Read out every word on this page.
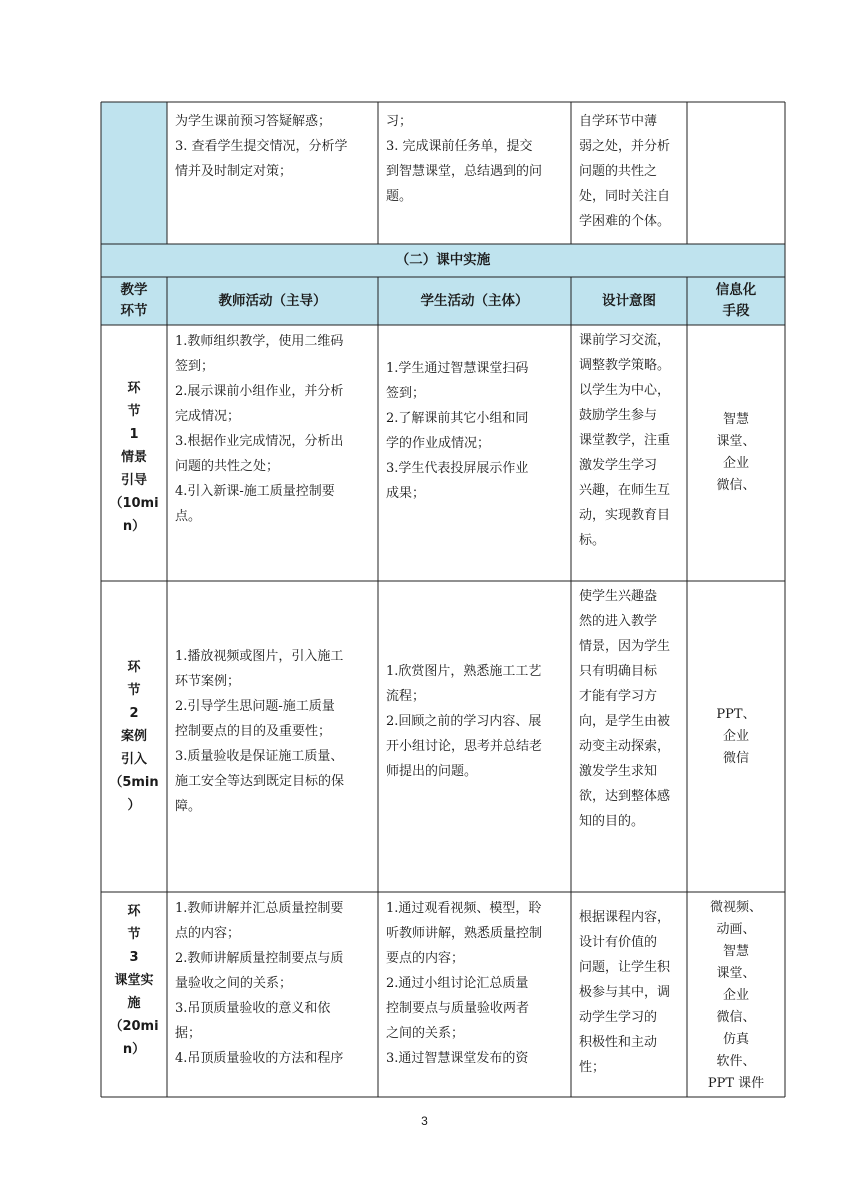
为学生课前预习答疑解惑；
3. 查看学生提交情况，分析学
情并及时制定对策；
习；
3. 完成课前任务单，提交
到智慧课堂，总结遇到的问
题。
自学环节中薄
弱之处，并分析
问题的共性之
处，同时关注自
学困难的个体。
（二）课中实施
教学
环节
教师活动（主导）	学生活动（主体）	设计意图
信息化
手段
环
节
1
情景
引导
（10mi
n）
1.教师组织教学，使用二维码
签到；
2.展示课前小组作业，并分析
完成情况；
3.根据作业完成情况，分析出
问题的共性之处；
4.引入新课-施工质量控制要
点。
1.学生通过智慧课堂扫码
签到；
2.了解课前其它小组和同
学的作业成情况；
3.学生代表投屏展示作业
成果；
课前学习交流，
调整教学策略。
以学生为中心，
鼓励学生参与
课堂教学，注重
激发学生学习
兴趣，在师生互
动，实现教育目
标。
智慧
课堂、
企业
微信、
环
节
2
案例
引入
（5min
）
1.播放视频或图片，引入施工
环节案例；
2.引导学生思问题-施工质量
控制要点的目的及重要性；
3.质量验收是保证施工质量、
施工安全等达到既定目标的保
障。
1.欣赏图片，熟悉施工工艺
流程；
2.回顾之前的学习内容、展
开小组讨论，思考并总结老
师提出的问题。
使学生兴趣盎
然的进入教学
情景，因为学生
只有明确目标
才能有学习方
向，是学生由被
动变主动探索，
激发学生求知
欲，达到整体感
知的目的。
PPT、
企业
微信
环
节
3
课堂实
施
（20mi
n）
1.教师讲解并汇总质量控制要
点的内容；
2.教师讲解质量控制要点与质
量验收之间的关系；
3.吊顶质量验收的意义和依
据；
4.吊顶质量验收的方法和程序
1.通过观看视频、模型，聆
听教师讲解，熟悉质量控制
要点的内容；
2.通过小组讨论汇总质量
控制要点与质量验收两者
之间的关系；
3.通过智慧课堂发布的资
根据课程内容，
设计有价值的
问题，让学生积
极参与其中，调
动学生学习的
积极性和主动
性；
微视频、
动画、
智慧
课堂、
企业
微信、
仿真
软件、
PPT 课件
3
